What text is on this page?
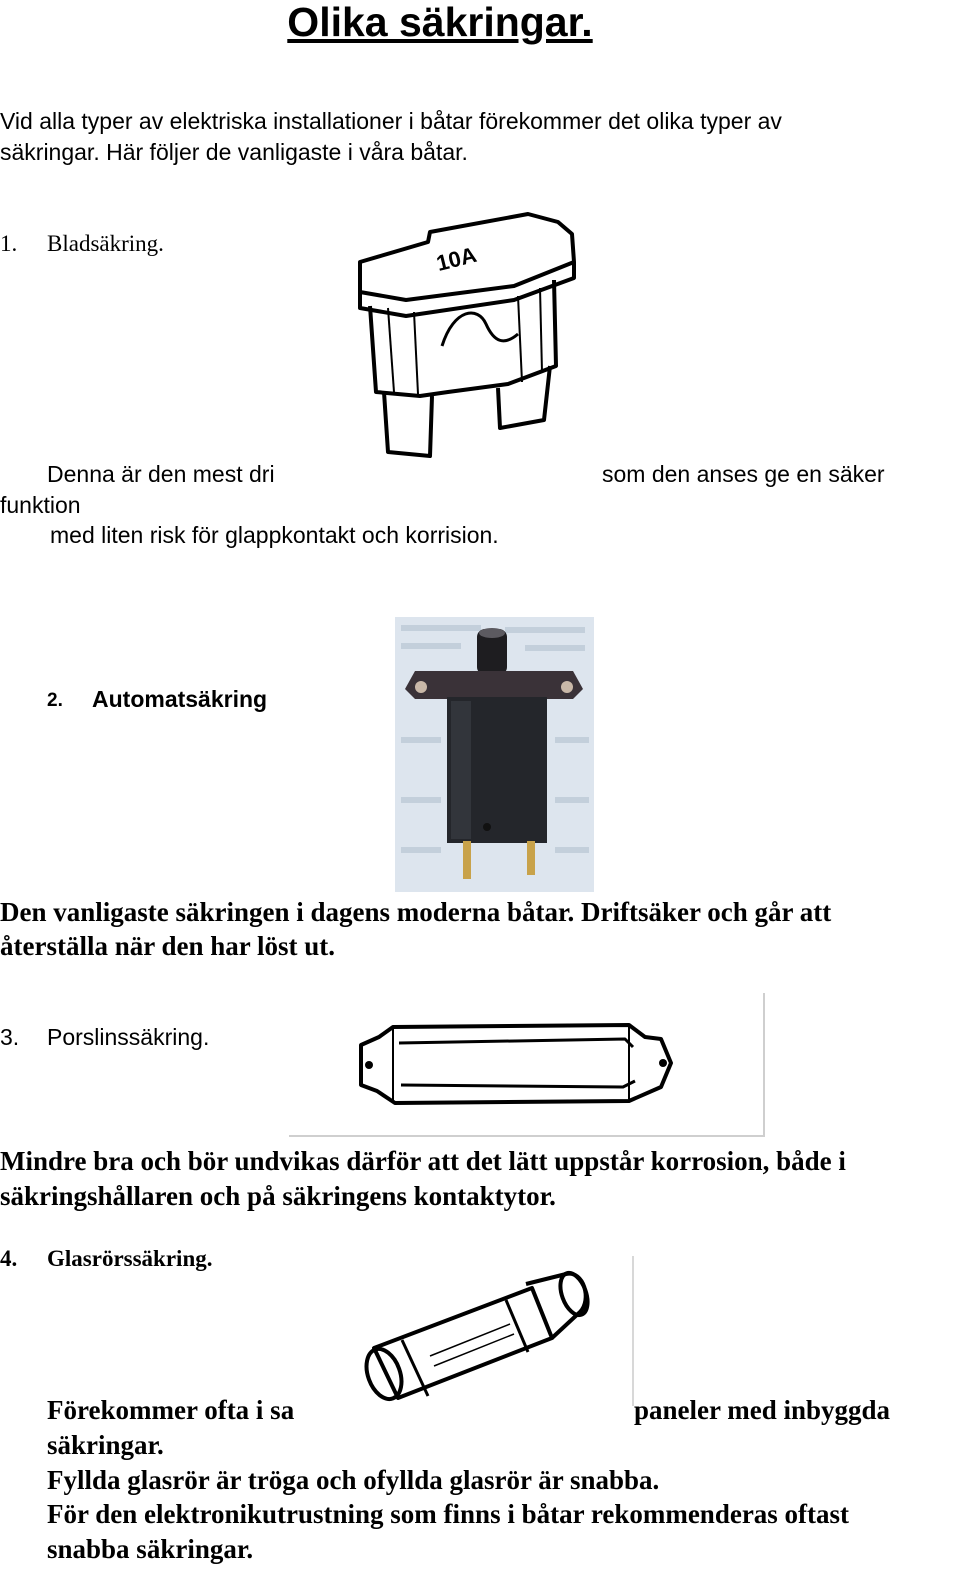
Olika säkringar.
Vid alla typer av elektriska installationer i båtar förekommer det olika typer av
säkringar. Här följer de vanligaste i våra båtar.
1. Bladsäkring.	10A
Denna är den mest dri	som den anses ge en säker
funktion
med liten risk för glappkontakt och korrision.
2. Automatsäkring
Den vanligaste säkringen i dagens moderna båtar. Driftsäker och går att
återställa när den har löst ut.
3. Porslinssäkring.
Mindre bra och bör undvikas därför att det lätt uppstår korrosion, både i
säkringshållaren och på säkringens kontaktytor.
4. Glasrörssäkring.
Förekommer ofta i sa	paneler med inbyggda
säkringar.
Fyllda glasrör är tröga och ofyllda glasrör är snabba.
För den elektronikutrustning som finns i båtar rekommenderas oftast
snabba säkringar.
